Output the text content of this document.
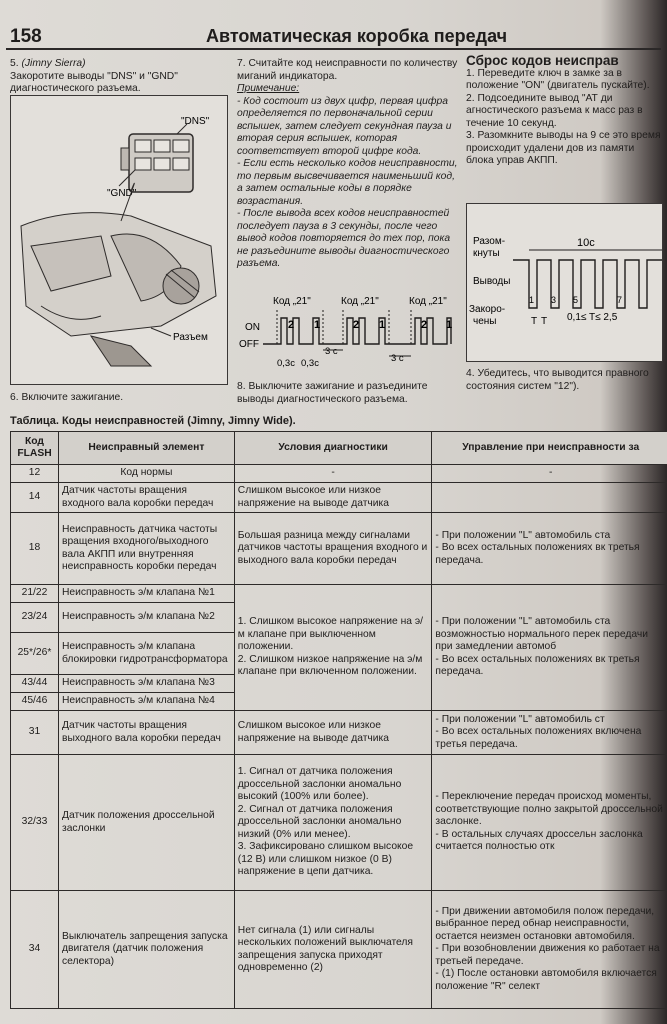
158	Автоматическая коробка передач

5. (Jimny Sierra)

Закоротите выводы "DNS" и "GND" диагностического разъема.

"DNS"
"GND"
Разъем

6. Включите зажигание.

7. Считайте код неисправности по количеству миганий индикатора.

Примечание:

- Код состоит из двух цифр, первая цифра определяется по первоначальной серии вспышек, затем следует секундная пауза и вторая серия вспышек, которая соответствует второй цифре кода.

- Если есть несколько кодов неисправности, то первым высвечивается наименьший код, а затем остальные коды в порядке возрастания.

- После вывода всех кодов неисправностей последует пауза в 3 секунды, после чего вывод кодов повторяется до тех пор, пока не разъедините выводы диагностического разъема.

Код „21"	Код „21"	Код „21"
ON
OFF
2 1	2 1	2 1
0,3с 0,3с
3 с
3 с

8. Выключите зажигание и разъедините выводы диагностического разъема.

Сброс кодов неисправ

1. Переведите ключ в замке за в положение "ON" (двигатель пускайте).

2. Подсоедините вывод "АТ ди агностического разъема к масс раз в течение 10 секунд.

3. Разомкните выводы на 9 се это время происходит удалени дов из памяти блока управ АКПП.

10с
Разом-
кнуты
Выводы
Закоро-
чены
1 3 5	7
T T 0,1≤ T≤ 2,5

4. Убедитесь, что выводится правного состояния систем "12").

Таблица. Коды неисправностей (Jimny, Jimny Wide).
Код FLASH	Неисправный элемент	Условия диагностики	Управление при неисправности за
12	Код нормы	-	-
14	Датчик частоты вращения входного вала коробки передач	Слишком высокое или низкое напряжение на выводе датчика	
18	Неисправность датчика частоты вращения входного/выходного вала АКПП или внутренняя неисправность коробки передач	Большая разница между сигналами датчиков частоты вращения входного и выходного вала коробки передач	- При положении "L" автомобиль ста
- Во всех остальных положениях вк третья передача.
21/22	Неисправность э/м клапана №1	1. Слишком высокое напряжение на э/м клапане при выключенном положении.
2. Слишком низкое напряжение на э/м клапане при включенном положении.	- При положении "L" автомобиль ста возможностью нормального перек передачи при замедлении автомоб
- Во всех остальных положениях вк третья передача.
23/24	Неисправность э/м клапана №2		
25*/26*	Неисправность э/м клапана блокировки гидротрансформатора		
43/44	Неисправность э/м клапана №3		
45/46	Неисправность э/м клапана №4		
31	Датчик частоты вращения выходного вала коробки передач	Слишком высокое или низкое напряжение на выводе датчика	- При положении "L" автомобиль ст
- Во всех остальных положениях включена третья передача.
32/33	Датчик положения дроссельной заслонки	1. Сигнал от датчика положения дроссельной заслонки аномально высокий (100% или более).
2. Сигнал от датчика положения дроссельной заслонки аномально низкий (0% или менее).
3. Зафиксировано слишком высокое (12 В) или слишком низкое (0 В) напряжение в цепи датчика.	- Переключение передач происход моменты, соответствующие полно закрытой дроссельной заслонке.
- В остальных случаях дроссельн заслонка считается полностью отк
34	Выключатель запрещения запуска двигателя (датчик положения селектора)	Нет сигнала (1) или сигналы нескольких положений выключателя запрещения запуска приходят одновременно (2)	- При движении автомобиля полож передачи, выбранное перед обнар неисправности, остается неизмен остановки автомобиля.
- При возобновлении движения ко работает на третьей передаче.
- (1) После остановки автомобиля включается положение "R" селект
